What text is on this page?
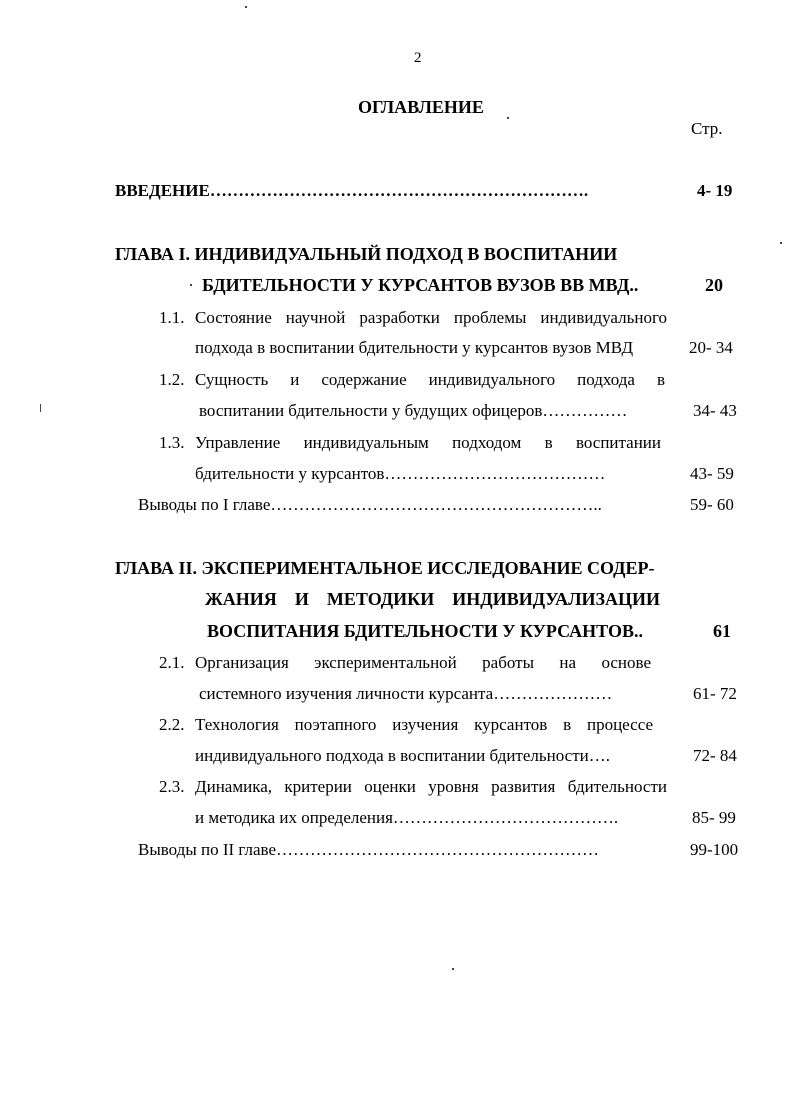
2
ОГЛАВЛЕНИЕ
Стр.
ВВЕДЕНИЕ………………………………………………………….	4- 19
ГЛАВА I. ИНДИВИДУАЛЬНЫЙ ПОДХОД В ВОСПИТАНИИ
БДИТЕЛЬНОСТИ У КУРСАНТОВ ВУЗОВ ВВ МВД..	20
1.1. Состояние научной разработки проблемы индивидуального
подхода в воспитании бдительности у курсантов вузов МВД	20- 34
1.2. Сущность и содержание индивидуального подхода в
воспитании бдительности у будущих офицеров……………	34- 43
1.3. Управление индивидуальным подходом в воспитании
бдительности у курсантов…………………………………	43- 59
Выводы по I главе…………………………………………………..	59- 60
ГЛАВА II. ЭКСПЕРИМЕНТАЛЬНОЕ ИССЛЕДОВАНИЕ СОДЕР-
ЖАНИЯ И МЕТОДИКИ ИНДИВИДУАЛИЗАЦИИ
ВОСПИТАНИЯ БДИТЕЛЬНОСТИ У КУРСАНТОВ..	61
2.1. Организация экспериментальной работы на основе
системного изучения личности курсанта…………………	61- 72
2.2. Технология поэтапного изучения курсантов в процессе
индивидуального подхода в воспитании бдительности….	72- 84
2.3. Динамика, критерии оценки уровня развития бдительности
и методика их определения………………………………….	85- 99
Выводы по II главе…………………………………………………	99-100
